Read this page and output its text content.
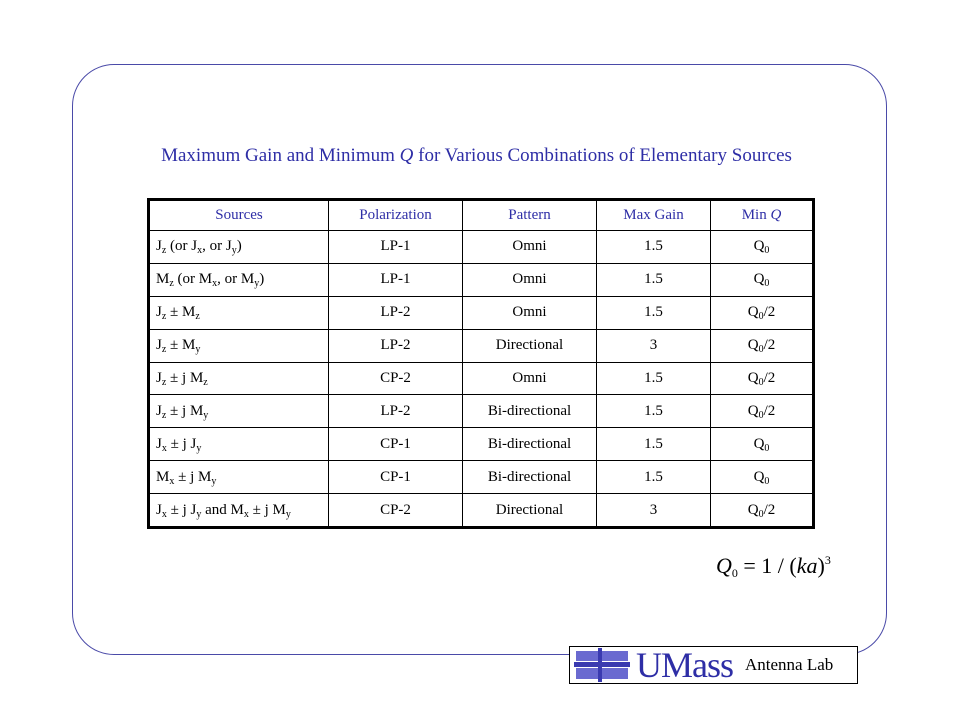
Maximum Gain and Minimum Q for Various Combinations of Elementary Sources
Sources	Polarization	Pattern	Max Gain	Min Q
$J_z$ (or $J_x$, or $J_y$)	LP-1	Omni	1.5	$Q_0$
$M_z$ (or $M_x$, or $M_y$)	LP-1	Omni	1.5	$Q_0$
$J_z \pm M_z$	LP-2	Omni	1.5	$Q_0/2$
$J_z \pm M_y$	LP-2	Directional	3	$Q_0/2$
$J_z \pm j$ $M_z$	CP-2	Omni	1.5	$Q_0/2$
$J_z \pm j$ $M_y$	LP-2	Bi-directional	1.5	$Q_0/2$
$J_x \pm j$ $J_y$	CP-1	Bi-directional	1.5	$Q_0$
$M_x \pm j$ $M_y$	CP-1	Bi-directional	1.5	$Q_0$
$J_x \pm j$ $J_y$ and $M_x \pm j$ $M_y$	CP-2	Directional	3	$Q_0/2$
$Q_0 = 1 / (ka)^3$
UMass Antenna Lab
